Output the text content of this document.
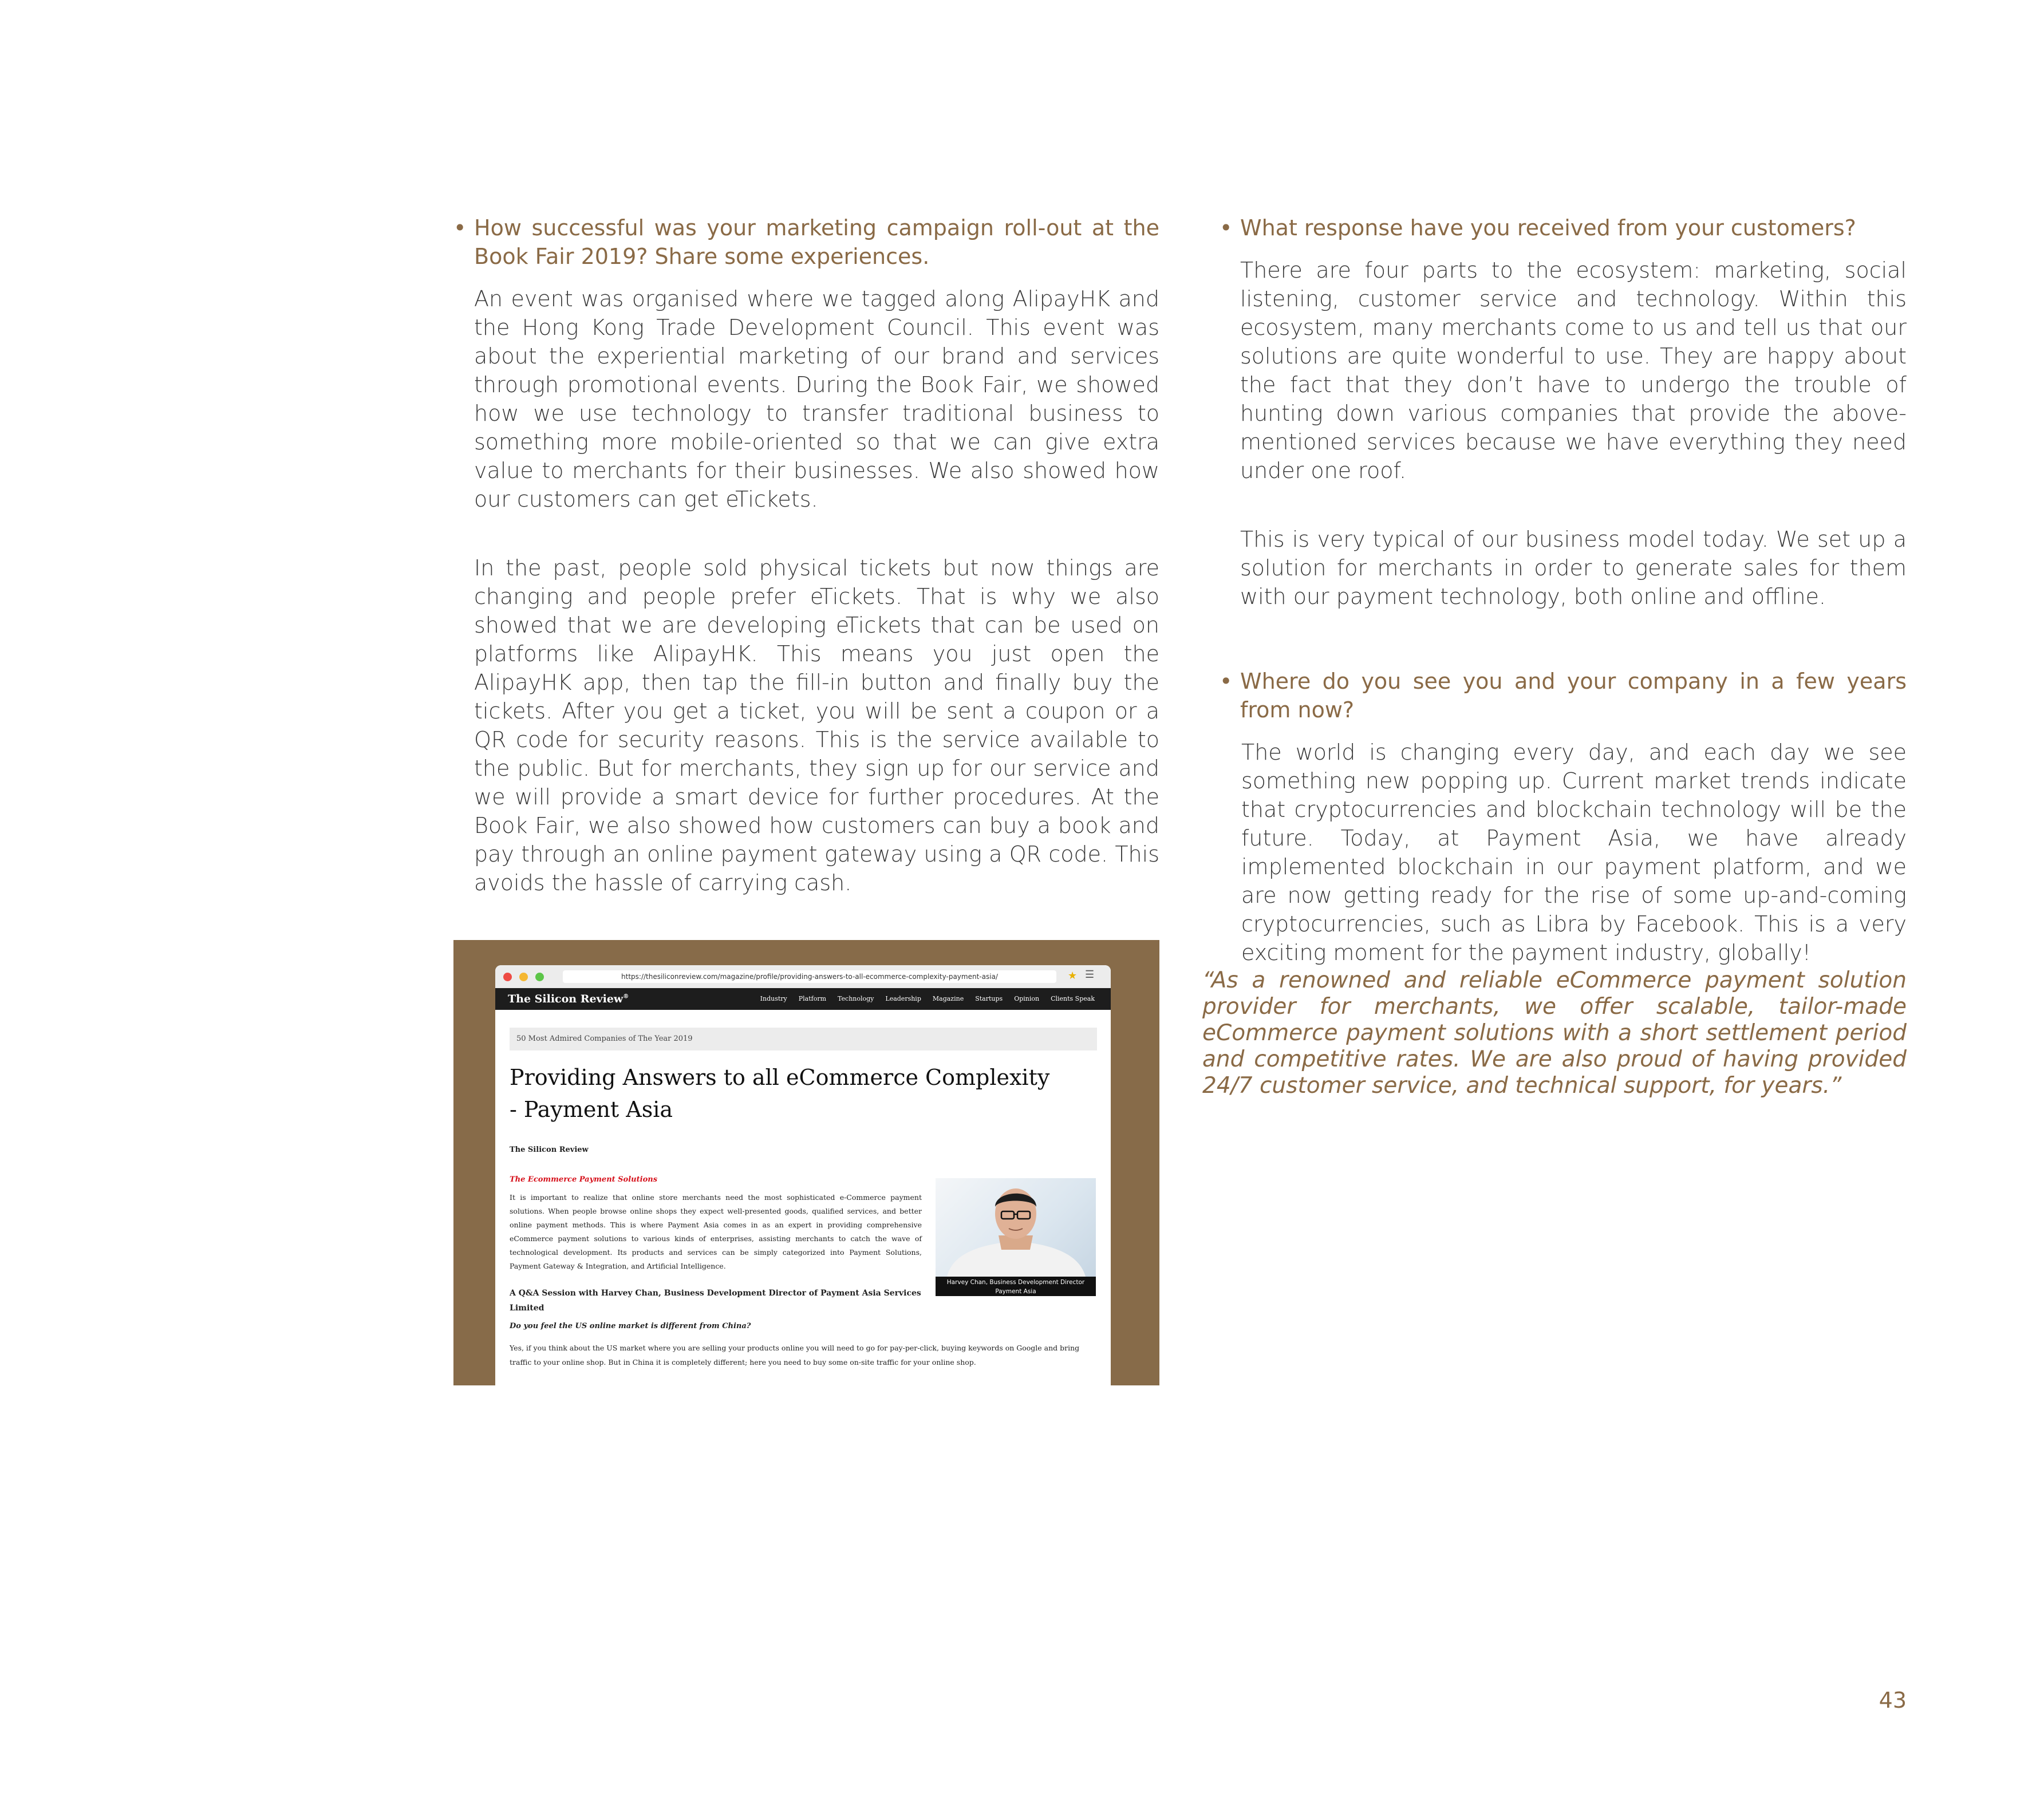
• How successful was your marketing campaign roll-out at the Book Fair 2019? Share some experiences.

An event was organised where we tagged along AlipayHK and the Hong Kong Trade Development Council. This event was about the experiential marketing of our brand and services through promotional events. During the Book Fair, we showed how we use technology to transfer traditional business to something more mobile-oriented so that we can give extra value to merchants for their businesses. We also showed how our customers can get eTickets.

In the past, people sold physical tickets but now things are changing and people prefer eTickets. That is why we also showed that we are developing eTickets that can be used on platforms like AlipayHK. This means you just open the AlipayHK app, then tap the fill-in button and finally buy the tickets. After you get a ticket, you will be sent a coupon or a QR code for security reasons. This is the service available to the public. But for merchants, they sign up for our service and we will provide a smart device for further procedures. At the Book Fair, we also showed how customers can buy a book and pay through an online payment gateway using a QR code. This avoids the hassle of carrying cash.

https://thesiliconreview.com/magazine/profile/providing-answers-to-all-ecommerce-complexity-payment-asia/	★ ☰
The Silicon Review®	Industry Platform Technology Leadership Magazine Startups Opinion Clients Speak
50 Most Admired Companies of The Year 2019
Providing Answers to all eCommerce Complexity - Payment Asia
The Silicon Review
The Ecommerce Payment Solutions
It is important to realize that online store merchants need the most sophisticated e-Commerce payment solutions. When people browse online shops they expect well-presented goods, qualified services, and better online payment methods. This is where Payment Asia comes in as an expert in providing comprehensive eCommerce payment solutions to various kinds of enterprises, assisting merchants to catch the wave of technological development. Its products and services can be simply categorized into Payment Solutions, Payment Gateway & Integration, and Artificial Intelligence.
A Q&A Session with Harvey Chan, Business Development Director of Payment Asia Services Limited
Do you feel the US online market is different from China?
Yes, if you think about the US market where you are selling your products online you will need to go for pay-per-click, buying keywords on Google and bring traffic to your online shop. But in China it is completely different; here you need to buy some on-site traffic for your online shop.
Harvey Chan, Business Development Director
Payment Asia

• What response have you received from your customers?

There are four parts to the ecosystem: marketing, social listening, customer service and technology. Within this ecosystem, many merchants come to us and tell us that our solutions are quite wonderful to use. They are happy about the fact that they don’t have to undergo the trouble of hunting down various companies that provide the above-mentioned services because we have everything they need under one roof.

This is very typical of our business model today. We set up a solution for merchants in order to generate sales for them with our payment technology, both online and offline.

• Where do you see you and your company in a few years from now?

The world is changing every day, and each day we see something new popping up. Current market trends indicate that cryptocurrencies and blockchain technology will be the future. Today, at Payment Asia, we have already implemented blockchain in our payment platform, and we are now getting ready for the rise of some up-and-coming cryptocurrencies, such as Libra by Facebook. This is a very exciting moment for the payment industry, globally!

“As a renowned and reliable eCommerce payment solution provider for merchants, we offer scalable, tailor-made eCommerce payment solutions with a short settlement period and competitive rates. We are also proud of having provided 24/7 customer service, and technical support, for years.”
43
